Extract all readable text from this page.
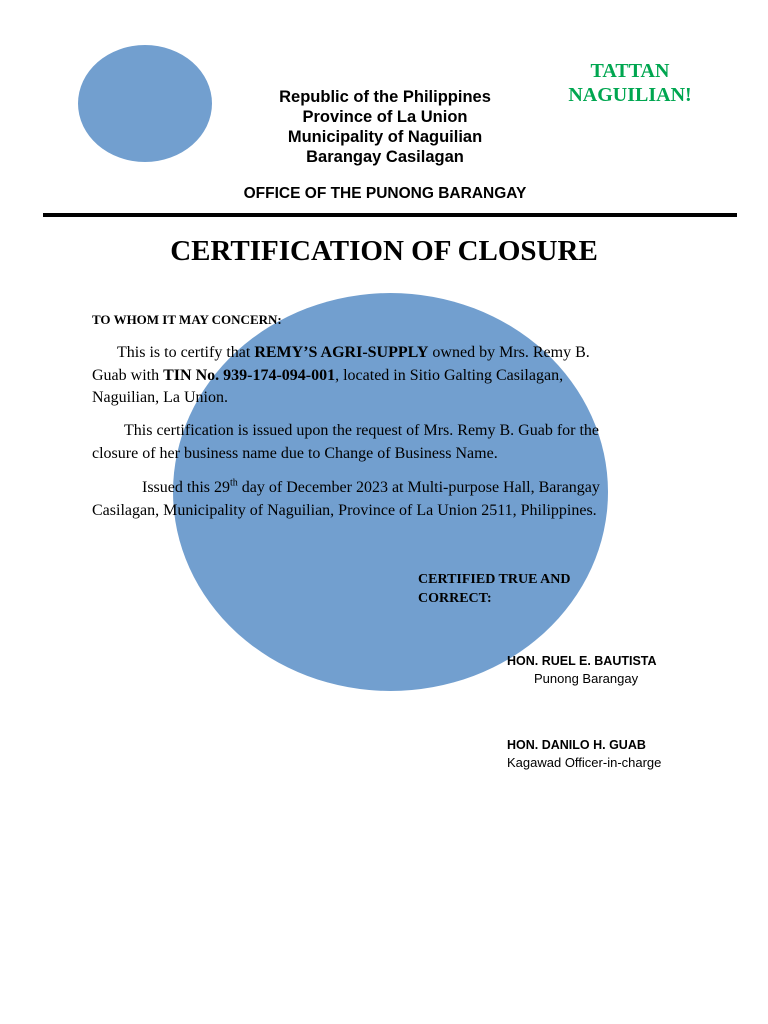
Republic of the Philippines
Province of La Union
Municipality of Naguilian
Barangay Casilagan
TATTAN
NAGUILIAN!
OFFICE OF THE PUNONG BARANGAY
CERTIFICATION OF CLOSURE
TO WHOM IT MAY CONCERN:
This is to certify that REMY’S AGRI-SUPPLY owned by Mrs. Remy B.
Guab with TIN No. 939-174-094-001, located in Sitio Galting Casilagan,
Naguilian, La Union.
This certification is issued upon the request of Mrs. Remy B. Guab for the
closure of her business name due to Change of Business Name.
Issued this 29th day of December 2023 at Multi-purpose Hall, Barangay
Casilagan, Municipality of Naguilian, Province of La Union 2511, Philippines.
CERTIFIED TRUE AND
CORRECT:
HON. RUEL E. BAUTISTA
Punong Barangay
HON. DANILO H. GUAB
Kagawad Officer-in-charge
